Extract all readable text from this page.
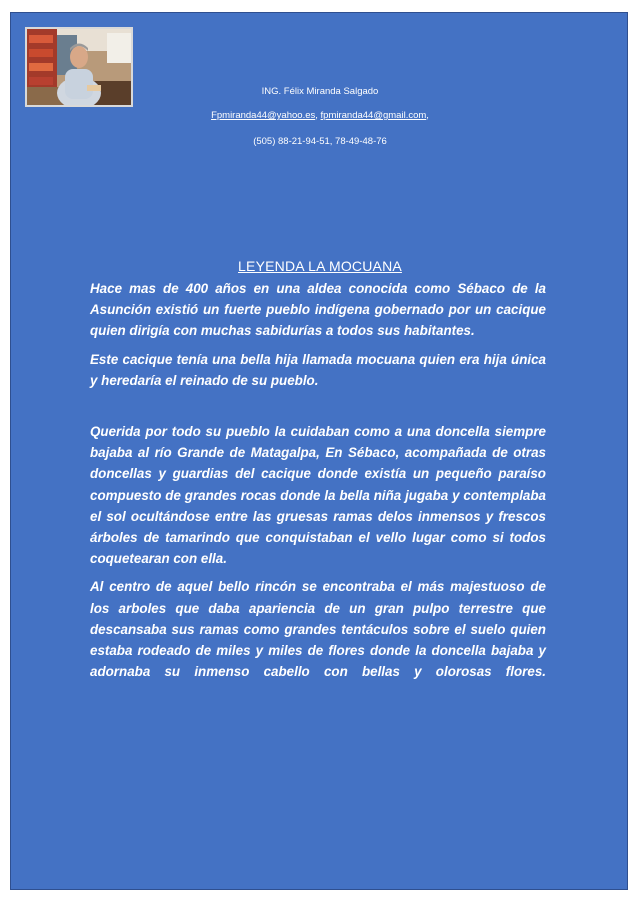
ING. Félix Miranda Salgado
Fpmiranda44@yahoo.es, fpmiranda44@gmail.com,
(505) 88-21-94-51, 78-49-48-76
LEYENDA LA MOCUANA

Hace mas de 400 años en una aldea conocida como Sébaco de la Asunción existió un fuerte pueblo indígena gobernado por un cacique quien dirigía con muchas sabidurías a todos sus habitantes.

Este cacique tenía una bella hija llamada mocuana quien era hija única y heredaría el reinado de su pueblo.

Querida por todo su pueblo la cuidaban como a una doncella siempre bajaba al río Grande de Matagalpa, En Sébaco, acompañada de otras doncellas y guardias del cacique donde existía un pequeño paraíso compuesto de grandes rocas donde la bella niña jugaba y contemplaba el sol ocultándose entre las gruesas ramas delos inmensos y frescos árboles de tamarindo que conquistaban el vello lugar como si todos coquetearan con ella.

Al centro de aquel bello rincón se encontraba el más majestuoso de los arboles que daba apariencia de un gran pulpo terrestre que descansaba sus ramas como grandes tentáculos sobre el suelo quien estaba rodeado de miles y miles de flores donde la doncella bajaba y adornaba su inmenso cabello con bellas y olorosas flores.
